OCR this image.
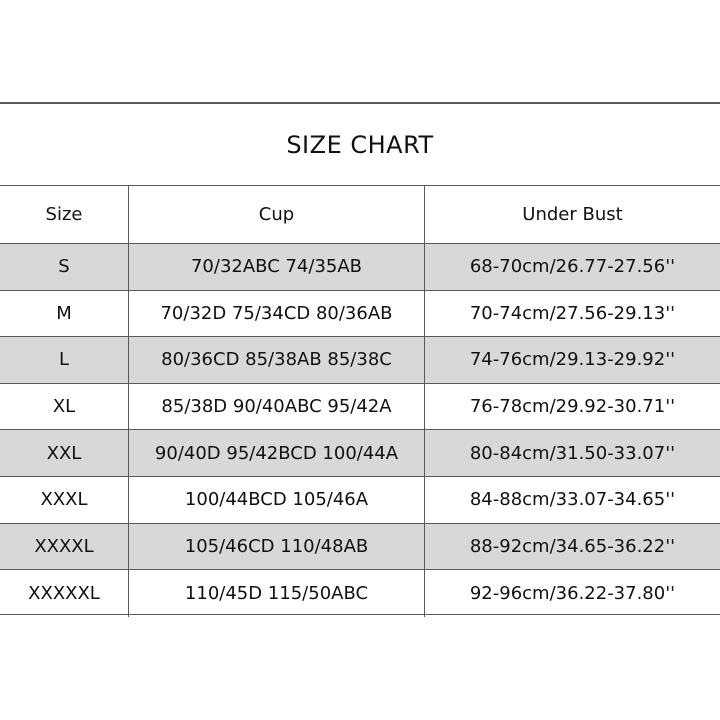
SIZE CHART
Size	Cup	Under Bust
S	70/32ABC 74/35AB	68-70cm/26.77-27.56''
M	70/32D 75/34CD 80/36AB	70-74cm/27.56-29.13''
L	80/36CD 85/38AB 85/38C	74-76cm/29.13-29.92''
XL	85/38D 90/40ABC 95/42A	76-78cm/29.92-30.71''
XXL	90/40D 95/42BCD 100/44A	80-84cm/31.50-33.07''
XXXL	100/44BCD 105/46A	84-88cm/33.07-34.65''
XXXXL	105/46CD 110/48AB	88-92cm/34.65-36.22''
XXXXXL	110/45D 115/50ABC	92-96cm/36.22-37.80''
